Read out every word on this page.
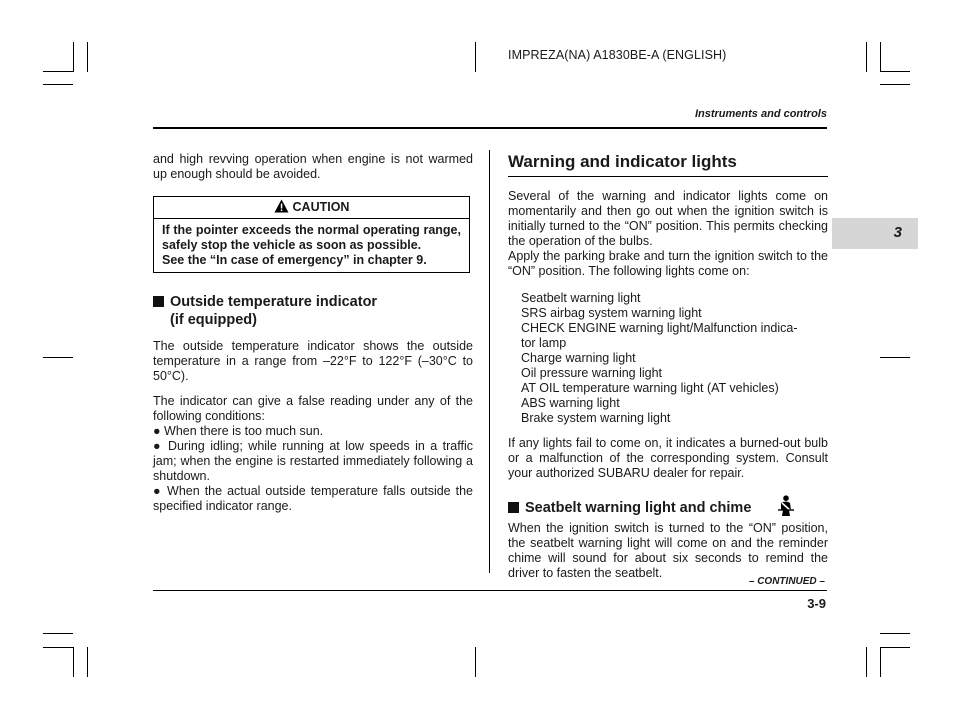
IMPREZA(NA) A1830BE-A (ENGLISH)
Instruments and controls
3

and high revving operation when engine is not warmed up enough should be avoided.

CAUTION

If the pointer exceeds the normal operating range, safely stop the vehicle as soon as possible.

See the “In case of emergency” in chapter 9.

Outside temperature indicator
(if equipped)

The outside temperature indicator shows the outside temperature in a range from –22°F to 122°F (–30°C to 50°C).

The indicator can give a false reading under any of the following conditions:

● When there is too much sun.

● During idling; while running at low speeds in a traffic jam; when the engine is restarted immediately following a shutdown.

● When the actual outside temperature falls outside the specified indicator range.

Warning and indicator lights

Several of the warning and indicator lights come on momentarily and then go out when the ignition switch is initially turned to the “ON” position. This permits checking the operation of the bulbs.

Apply the parking brake and turn the ignition switch to the “ON” position. The following lights come on:

Seatbelt warning light
SRS airbag system warning light
CHECK ENGINE warning light/Malfunction indica-
tor lamp
Charge warning light
Oil pressure warning light
AT OIL temperature warning light (AT vehicles)
ABS warning light
Brake system warning light

If any lights fail to come on, it indicates a burned-out bulb or a malfunction of the corresponding system. Consult your authorized SUBARU dealer for repair.

Seatbelt warning light and chime

When the ignition switch is turned to the “ON” position, the seatbelt warning light will come on and the reminder chime will sound for about six seconds to remind the driver to fasten the seatbelt.

– CONTINUED –
3-9
